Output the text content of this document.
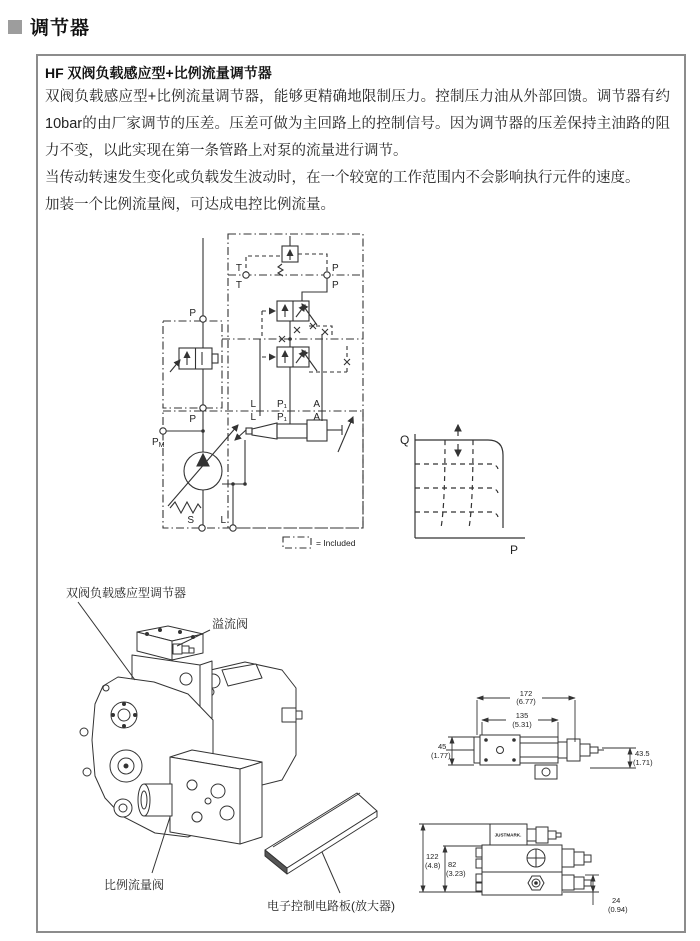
调节器
HF 双阀负载感应型+比例流量调节器

双阀负载感应型+比例流量调节器，能够更精确地限制压力。控制压力油从外部回馈。调节器有约10bar的由厂家调节的压差。压差可做为主回路上的控制信号。因为调节器的压差保持主油路的阻力不变，以此实现在第一条管路上对泵的流量进行调节。

当传动转速发生变化或负载发生波动时，在一个较宽的工作范围内不会影响执行元件的速度。

加装一个比例流量阀，可达成电控比例流量。

T
T
P
P
P
P
$P_M$
S	L
L P₁	A
L P₁	A
= Included
Q
P
双阀负载感应型调节器
溢流阀
比例流量阀
电子控制电路板(放大器)
172
(6.77)
135
(5.31)
45
(1.77)	43.5
(1.71)
JUSTMARK.
122
(4.8) 82
(3.23)
24
(0.94)
